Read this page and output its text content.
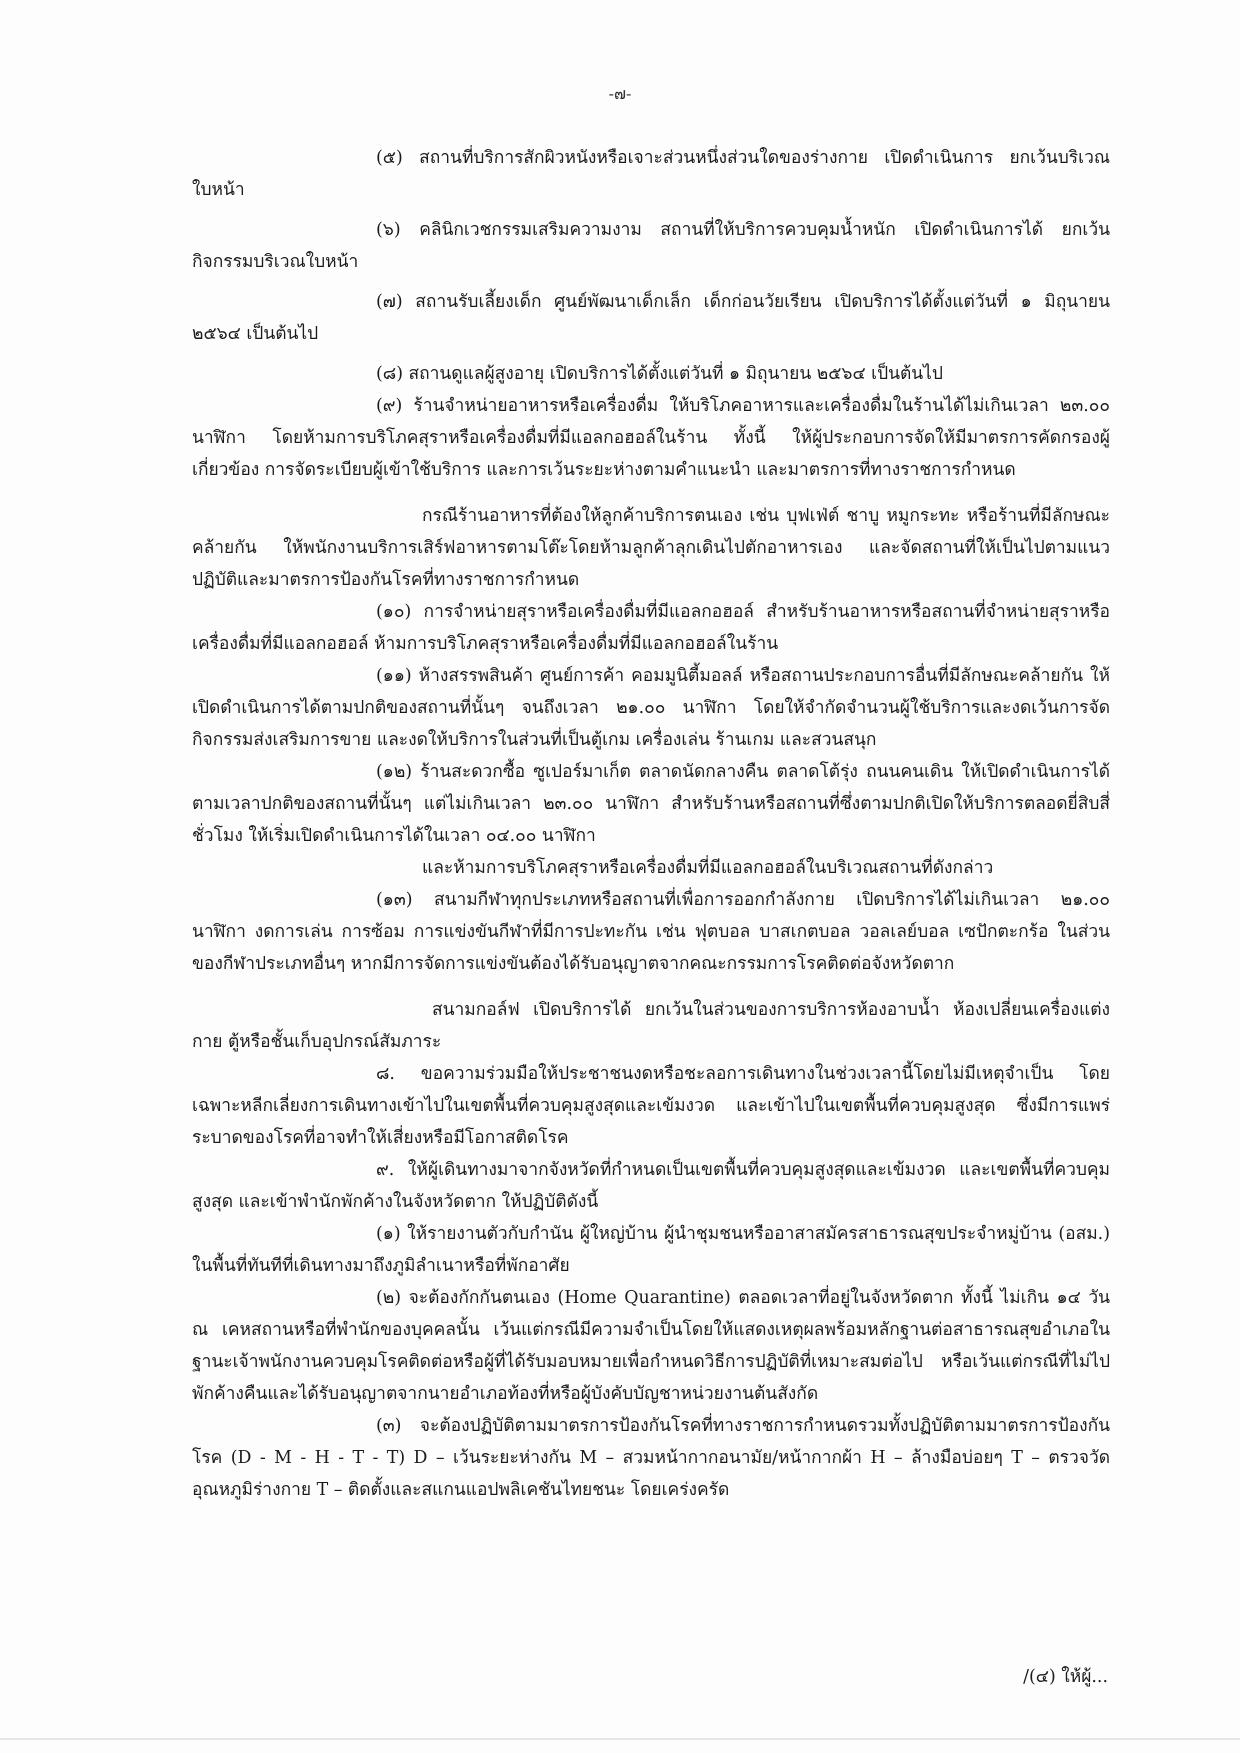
-๗-

(๕) สถานที่บริการสักผิวหนังหรือเจาะส่วนหนึ่งส่วนใดของร่างกาย เปิดดำเนินการ ยกเว้นบริเวณใบหน้า

(๖) คลินิกเวชกรรมเสริมความงาม สถานที่ให้บริการควบคุมน้ำหนัก เปิดดำเนินการได้ ยกเว้น กิจกรรมบริเวณใบหน้า

(๗) สถานรับเลี้ยงเด็ก ศูนย์พัฒนาเด็กเล็ก เด็กก่อนวัยเรียน เปิดบริการได้ตั้งแต่วันที่ ๑ มิถุนายน ๒๕๖๔ เป็นต้นไป

(๘) สถานดูแลผู้สูงอายุ เปิดบริการได้ตั้งแต่วันที่ ๑ มิถุนายน ๒๕๖๔ เป็นต้นไป

(๙) ร้านจำหน่ายอาหารหรือเครื่องดื่ม ให้บริโภคอาหารและเครื่องดื่มในร้านได้ไม่เกินเวลา ๒๓.๐๐ นาฬิกา โดยห้ามการบริโภคสุราหรือเครื่องดื่มที่มีแอลกอฮอล์ในร้าน ทั้งนี้ ให้ผู้ประกอบการจัดให้มีมาตรการคัดกรองผู้เกี่ยวข้อง การจัดระเบียบผู้เข้าใช้บริการ และการเว้นระยะห่างตามคำแนะนำ และมาตรการที่ทางราชการกำหนด

กรณีร้านอาหารที่ต้องให้ลูกค้าบริการตนเอง เช่น บุฟเฟ่ต์ ชาบู หมูกระทะ หรือร้านที่มีลักษณะคล้ายกัน ให้พนักงานบริการเสิร์ฟอาหารตามโต๊ะโดยห้ามลูกค้าลุกเดินไปตักอาหารเอง และจัดสถานที่ให้เป็นไปตามแนวปฏิบัติและมาตรการป้องกันโรคที่ทางราชการกำหนด

(๑๐) การจำหน่ายสุราหรือเครื่องดื่มที่มีแอลกอฮอล์ สำหรับร้านอาหารหรือสถานที่จำหน่ายสุราหรือเครื่องดื่มที่มีแอลกอฮอล์ ห้ามการบริโภคสุราหรือเครื่องดื่มที่มีแอลกอฮอล์ในร้าน

(๑๑) ห้างสรรพสินค้า ศูนย์การค้า คอมมูนิตี้มอลล์ หรือสถานประกอบการอื่นที่มีลักษณะคล้ายกัน ให้เปิดดำเนินการได้ตามปกติของสถานที่นั้นๆ จนถึงเวลา ๒๑.๐๐ นาฬิกา โดยให้จำกัดจำนวนผู้ใช้บริการและงดเว้นการจัดกิจกรรมส่งเสริมการขาย และงดให้บริการในส่วนที่เป็นตู้เกม เครื่องเล่น ร้านเกม และสวนสนุก

(๑๒) ร้านสะดวกซื้อ ซูเปอร์มาเก็ต ตลาดนัดกลางคืน ตลาดโต้รุ่ง ถนนคนเดิน ให้เปิดดำเนินการได้ตามเวลาปกติของสถานที่นั้นๆ แต่ไม่เกินเวลา ๒๓.๐๐ นาฬิกา สำหรับร้านหรือสถานที่ซึ่งตามปกติเปิดให้บริการตลอดยี่สิบสี่ชั่วโมง ให้เริ่มเปิดดำเนินการได้ในเวลา ๐๔.๐๐ นาฬิกา

และห้ามการบริโภคสุราหรือเครื่องดื่มที่มีแอลกอฮอล์ในบริเวณสถานที่ดังกล่าว

(๑๓) สนามกีฬาทุกประเภทหรือสถานที่เพื่อการออกกำลังกาย เปิดบริการได้ไม่เกินเวลา ๒๑.๐๐ นาฬิกา งดการเล่น การซ้อม การแข่งขันกีฬาที่มีการปะทะกัน เช่น ฟุตบอล บาสเกตบอล วอลเลย์บอล เซปักตะกร้อ ในส่วนของกีฬาประเภทอื่นๆ หากมีการจัดการแข่งขันต้องได้รับอนุญาตจากคณะกรรมการโรคติดต่อจังหวัดตาก

สนามกอล์ฟ เปิดบริการได้ ยกเว้นในส่วนของการบริการห้องอาบน้ำ ห้องเปลี่ยนเครื่องแต่งกาย ตู้หรือชั้นเก็บอุปกรณ์สัมภาระ

๘. ขอความร่วมมือให้ประชาชนงดหรือชะลอการเดินทางในช่วงเวลานี้โดยไม่มีเหตุจำเป็น โดยเฉพาะหลีกเลี่ยงการเดินทางเข้าไปในเขตพื้นที่ควบคุมสูงสุดและเข้มงวด และเข้าไปในเขตพื้นที่ควบคุมสูงสุด ซึ่งมีการแพร่ระบาดของโรคที่อาจทำให้เสี่ยงหรือมีโอกาสติดโรค

๙. ให้ผู้เดินทางมาจากจังหวัดที่กำหนดเป็นเขตพื้นที่ควบคุมสูงสุดและเข้มงวด และเขตพื้นที่ควบคุมสูงสุด และเข้าพำนักพักค้างในจังหวัดตาก ให้ปฏิบัติดังนี้

(๑) ให้รายงานตัวกับกำนัน ผู้ใหญ่บ้าน ผู้นำชุมชนหรืออาสาสมัครสาธารณสุขประจำหมู่บ้าน (อสม.) ในพื้นที่ทันทีที่เดินทางมาถึงภูมิลำเนาหรือที่พักอาศัย

(๒) จะต้องกักกันตนเอง (Home Quarantine) ตลอดเวลาที่อยู่ในจังหวัดตาก ทั้งนี้ ไม่เกิน ๑๔ วัน ณ เคหสถานหรือที่พำนักของบุคคลนั้น เว้นแต่กรณีมีความจำเป็นโดยให้แสดงเหตุผลพร้อมหลักฐานต่อสาธารณสุขอำเภอในฐานะเจ้าพนักงานควบคุมโรคติดต่อหรือผู้ที่ได้รับมอบหมายเพื่อกำหนดวิธีการปฏิบัติที่เหมาะสมต่อไป หรือเว้นแต่กรณีที่ไม่ไปพักค้างคืนและได้รับอนุญาตจากนายอำเภอท้องที่หรือผู้บังคับบัญชาหน่วยงานต้นสังกัด

(๓) จะต้องปฏิบัติตามมาตรการป้องกันโรคที่ทางราชการกำหนดรวมทั้งปฏิบัติตามมาตรการป้องกันโรค (D - M - H - T - T) D – เว้นระยะห่างกัน M – สวมหน้ากากอนามัย/หน้ากากผ้า H – ล้างมือบ่อยๆ T – ตรวจวัดอุณหภูมิร่างกาย T – ติดตั้งและสแกนแอปพลิเคชันไทยชนะ โดยเคร่งครัด

/(๔) ให้ผู้...
